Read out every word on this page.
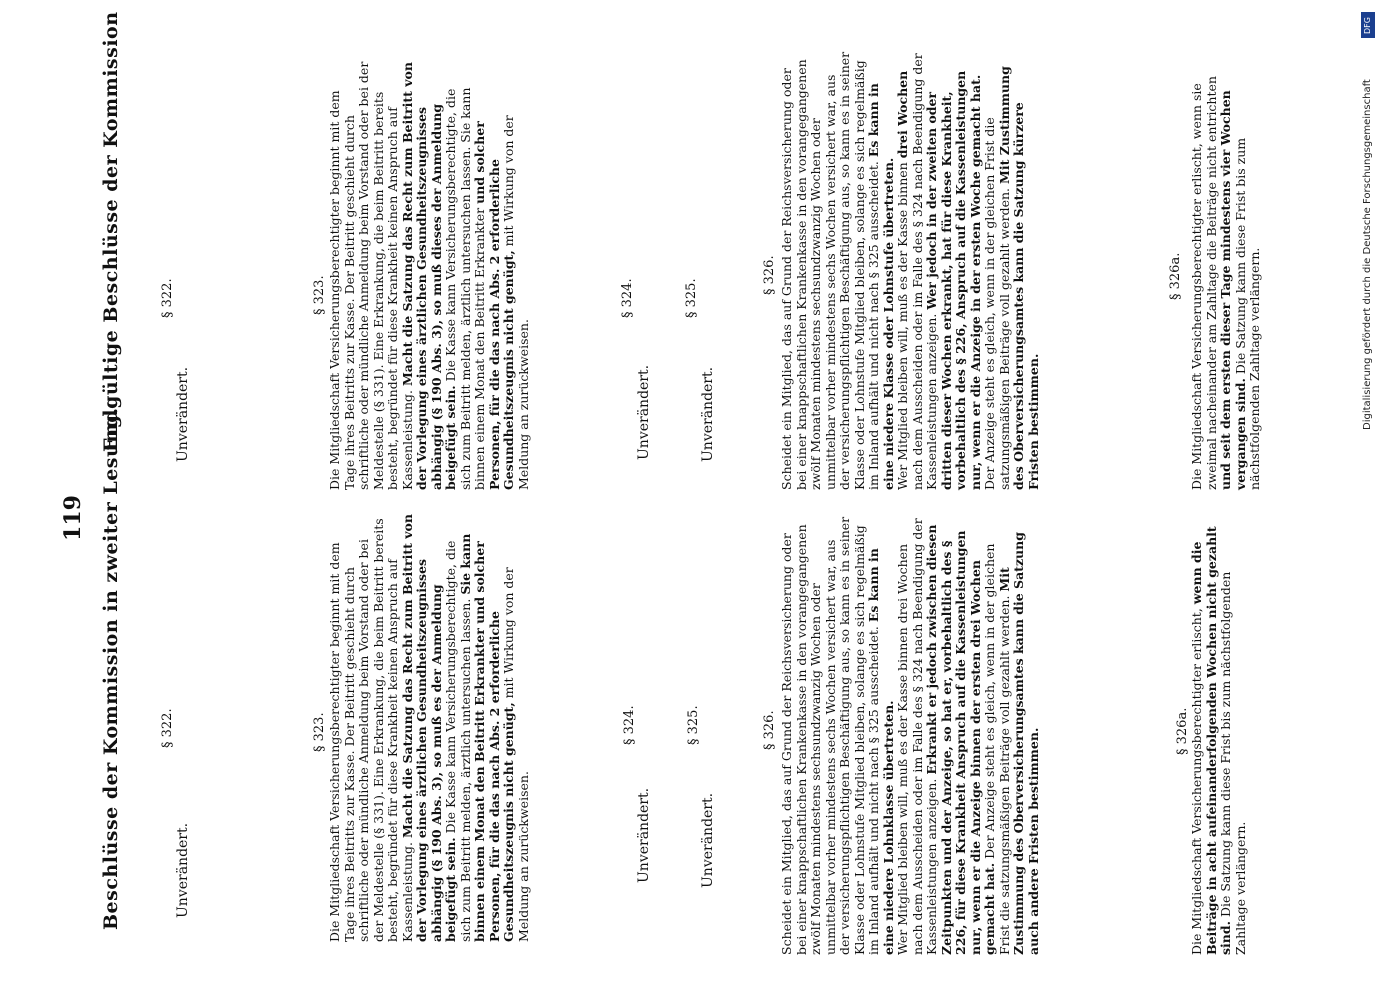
119 Beschlüsse der Kommission in zweiter Lesung.
Endgültige Beschlüsse der Kommission
§ 322.
Unverändert.
§ 323. Die Mitgliedschaft Versicherungsberechtigter beginnt mit dem Tage ihres Beitritts zur Kasse. Der Beitritt geschieht durch schriftliche oder mündliche Anmeldung beim Vorstand oder bei der Meldestelle (§ 331). Eine Erkrankung, die beim Beitritt bereits besteht, begründet für diese Krankheit keinen Anspruch auf Kassenleistung. Macht die Satzung das Recht zum Beitritt von der Vorlegung eines ärztlichen Gesundheitszeugnisses abhängig (§ 190 Abs. 3), so muß es der Anmeldung beigefügt sein. Die Kasse kann Versicherungsberechtigte, die sich zum Beitritt melden, ärztlich untersuchen lassen. Sie kann binnen einem Monat den Beitritt Erkrankter und solcher Personen, für die das nach Abs. 2 erforderliche Gesundheitszeugnis nicht genügt, mit Wirkung von der Meldung an zurückweisen.
§ 324.
Unverändert.
§ 325.
Unverändert.
§ 326. Scheidet ein Mitglied, das auf Grund der Reichsversicherung oder bei einer knappschaftlichen Krankenkasse in den vorangegangenen zwölf Monaten mindestens sechsundzwanzig Wochen oder unmittelbar vorher mindestens sechs Wochen versichert war, aus der versicherungspflichtigen Beschäftigung aus, so kann es in seiner Klasse oder Lohnstufe Mitglied bleiben, solange es sich regelmäßig im Inland aufhält und nicht nach § 325 ausscheidet. Es kann in eine niedere Lohnklasse übertreten.
Wer Mitglied bleiben will, muß es der Kasse binnen drei Wochen nach dem Ausscheiden oder im Falle des § 324 nach Beendigung der Kassenleistungen anzeigen. Erkrankt er jedoch zwischen diesen Zeitpunkten und der Anzeige, so hat er, vorbehaltlich des § 226, für diese Krankheit Anspruch auf die Kassenleistungen nur, wenn er die Anzeige binnen der ersten drei Wochen gemacht hat. Der Anzeige steht es gleich, wenn in der gleichen Frist die satzungsmäßigen Beiträge voll gezahlt werden. Mit Zustimmung des Oberversicherungsamtes kann die Satzung auch andere Fristen bestimmen.	§ 326a. Die Mitgliedschaft Versicherungsberechtigter erlischt, wenn die Beiträge in acht aufeinanderfolgenden Wochen nicht gezahlt sind. Die Satzung kann diese Frist bis zum nächstfolgenden Zahltage verlängern.
§ 322.
Unverändert.
§ 323. Die Mitgliedschaft Versicherungsberechtigter beginnt mit dem Tage ihres Beitritts zur Kasse. Der Beitritt geschieht durch schriftliche oder mündliche Anmeldung beim Vorstand oder bei der Meldestelle (§ 331). Eine Erkrankung, die beim Beitritt bereits besteht, begründet für diese Krankheit keinen Anspruch auf Kassenleistung. Macht die Satzung das Recht zum Beitritt von der Vorlegung eines ärztlichen Gesundheitszeugnisses abhängig (§ 190 Abs. 3), so muß dieses der Anmeldung beigefügt sein. Die Kasse kann Versicherungsberechtigte, die sich zum Beitritt melden, ärztlich untersuchen lassen. Sie kann binnen einem Monat den Beitritt Erkrankter und solcher Personen, für die das nach Abs. 2 erforderliche Gesundheitszeugnis nicht genügt, mit Wirkung von der Meldung an zurückweisen.
§ 324.
Unverändert.
§ 325.
Unverändert.
§ 326. Scheidet ein Mitglied, das auf Grund der Reichsversicherung oder bei einer knappschaftlichen Krankenkasse in den vorangegangenen zwölf Monaten mindestens sechsundzwanzig Wochen oder unmittelbar vorher mindestens sechs Wochen versichert war, aus der versicherungspflichtigen Beschäftigung aus, so kann es in seiner Klasse oder Lohnstufe Mitglied bleiben, solange es sich regelmäßig im Inland aufhält und nicht nach § 325 ausscheidet. Es kann in eine niedere Klasse oder Lohnstufe übertreten.
Wer Mitglied bleiben will, muß es der Kasse binnen drei Wochen nach dem Ausscheiden oder im Falle des § 324 nach Beendigung der Kassenleistungen anzeigen. Wer jedoch in der zweiten oder dritten dieser Wochen erkrankt, hat für diese Krankheit, vorbehaltlich des § 226, Anspruch auf die Kassenleistungen nur, wenn er die Anzeige in der ersten Woche gemacht hat. Der Anzeige steht es gleich, wenn in der gleichen Frist die satzungsmäßigen Beiträge voll gezahlt werden. Mit Zustimmung des Oberversicherungsamtes kann die Satzung kürzere Fristen bestimmen.
§ 326a. Die Mitgliedschaft Versicherungsberechtigter erlischt, wenn sie zweimal nacheinander am Zahltage die Beiträge nicht entrichten und seit dem ersten dieser Tage mindestens vier Wochen vergangen sind. Die Satzung kann diese Frist bis zum nächstfolgenden Zahltage verlängern.
DFG
Digitalisierung gefördert durch die Deutsche Forschungsgemeinschaft
